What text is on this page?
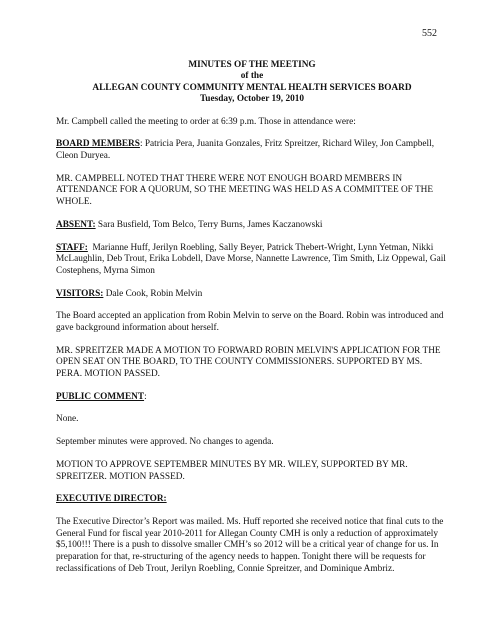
552
MINUTES OF THE MEETING
of the
ALLEGAN COUNTY COMMUNITY MENTAL HEALTH SERVICES BOARD
Tuesday, October 19, 2010

Mr. Campbell called the meeting to order at 6:39 p.m. Those in attendance were:

BOARD MEMBERS: Patricia Pera, Juanita Gonzales, Fritz Spreitzer, Richard Wiley, Jon Campbell, Cleon Duryea.

MR. CAMPBELL NOTED THAT THERE WERE NOT ENOUGH BOARD MEMBERS IN ATTENDANCE FOR A QUORUM, SO THE MEETING WAS HELD AS A COMMITTEE OF THE WHOLE.

ABSENT: Sara Busfield, Tom Belco, Terry Burns, James Kaczanowski

STAFF:  Marianne Huff, Jerilyn Roebling, Sally Beyer, Patrick Thebert-Wright, Lynn Yetman, Nikki McLaughlin, Deb Trout, Erika Lobdell, Dave Morse, Nannette Lawrence, Tim Smith, Liz Oppewal, Gail Costephens, Myrna Simon

VISITORS: Dale Cook, Robin Melvin

The Board accepted an application from Robin Melvin to serve on the Board. Robin was introduced and gave background information about herself.

MR. SPREITZER MADE A MOTION TO FORWARD ROBIN MELVIN'S APPLICATION FOR THE OPEN SEAT ON THE BOARD, TO THE COUNTY COMMISSIONERS. SUPPORTED BY MS. PERA. MOTION PASSED.

PUBLIC COMMENT:

None.

September minutes were approved. No changes to agenda.

MOTION TO APPROVE SEPTEMBER MINUTES BY MR. WILEY, SUPPORTED BY MR. SPREITZER. MOTION PASSED.

EXECUTIVE DIRECTOR:

The Executive Director’s Report was mailed. Ms. Huff reported she received notice that final cuts to the General Fund for fiscal year 2010-2011 for Allegan County CMH is only a reduction of approximately $5,100!!! There is a push to dissolve smaller CMH’s so 2012 will be a critical year of change for us. In preparation for that, re-structuring of the agency needs to happen. Tonight there will be requests for reclassifications of Deb Trout, Jerilyn Roebling, Connie Spreitzer, and Dominique Ambriz.
